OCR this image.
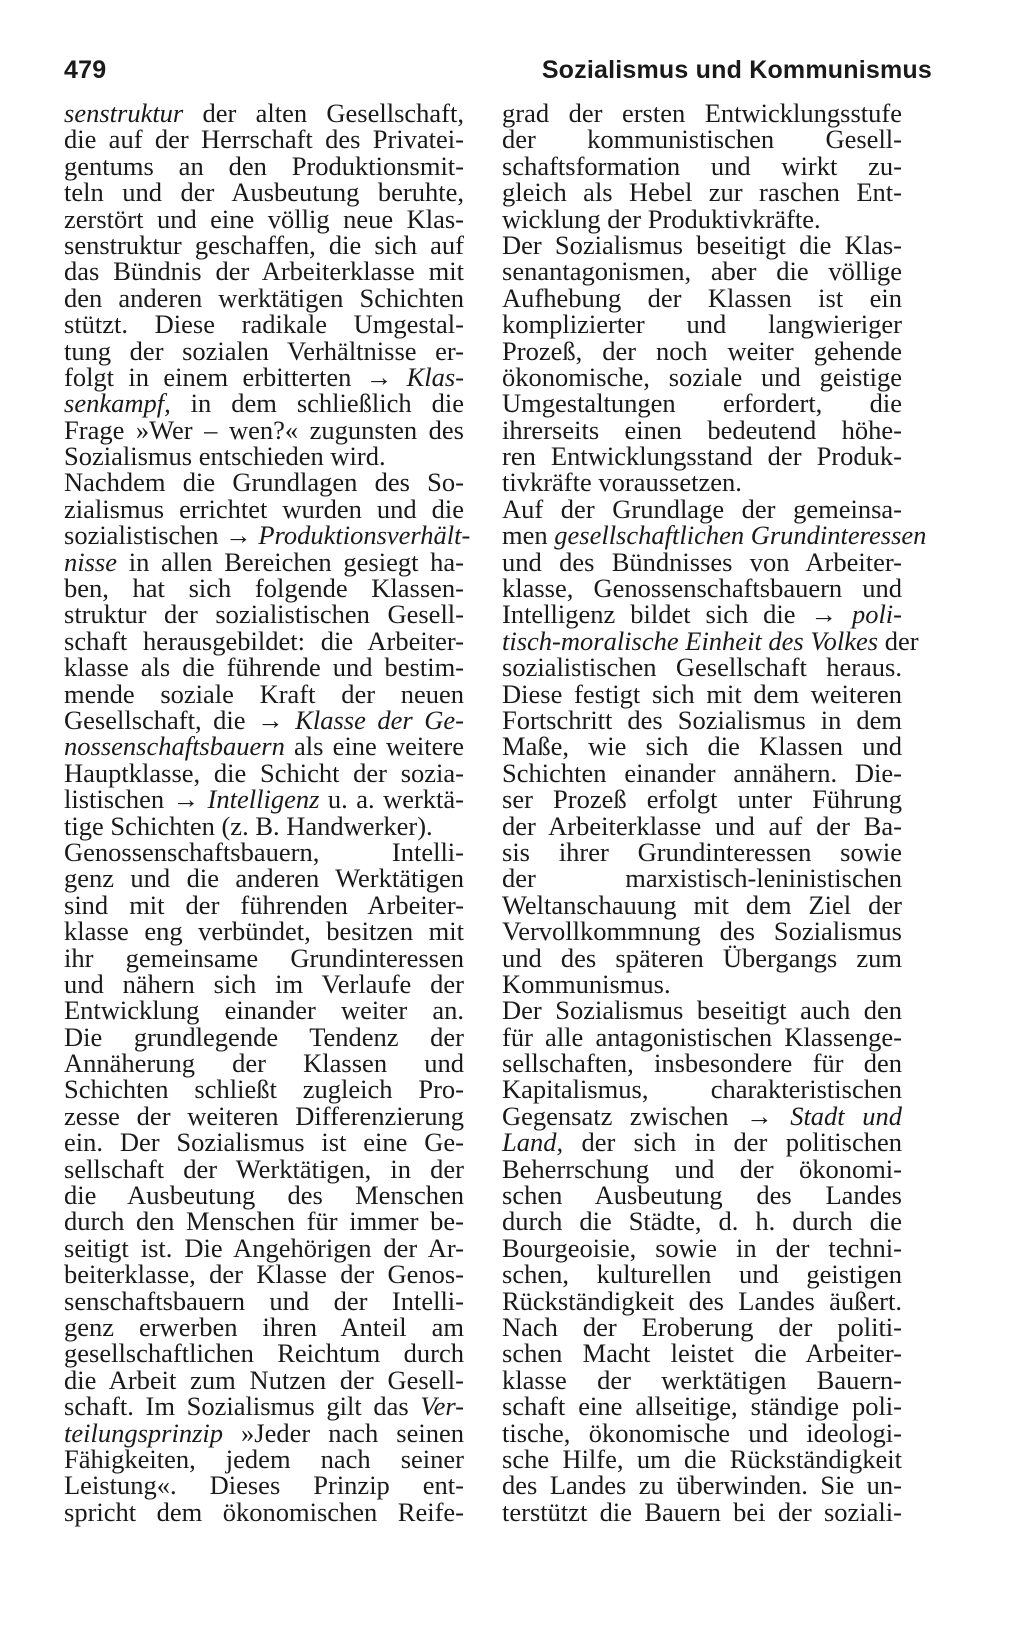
479	Sozialismus und Kommunismus
senstruktur der alten Gesellschaft,
die auf der Herrschaft des Privatei-
gentums an den Produktionsmit-
teln und der Ausbeutung beruhte,
zerstört und eine völlig neue Klas-
senstruktur geschaffen, die sich auf
das Bündnis der Arbeiterklasse mit
den anderen werktätigen Schichten
stützt. Diese radikale Umgestal-
tung der sozialen Verhältnisse er-
folgt in einem erbitterten → Klas-
senkampf, in dem schließlich die
Frage »Wer – wen?« zugunsten des
Sozialismus entschieden wird.
Nachdem die Grundlagen des So-
zialismus errichtet wurden und die
sozialistischen → Produktionsverhält-
nisse in allen Bereichen gesiegt ha-
ben, hat sich folgende Klassen-
struktur der sozialistischen Gesell-
schaft herausgebildet: die Arbeiter-
klasse als die führende und bestim-
mende soziale Kraft der neuen
Gesellschaft, die → Klasse der Ge-
nossenschaftsbauern als eine weitere
Hauptklasse, die Schicht der sozia-
listischen → Intelligenz u. a. werktä-
tige Schichten (z. B. Handwerker).
Genossenschaftsbauern, Intelli-
genz und die anderen Werktätigen
sind mit der führenden Arbeiter-
klasse eng verbündet, besitzen mit
ihr gemeinsame Grundinteressen
und nähern sich im Verlaufe der
Entwicklung einander weiter an.
Die grundlegende Tendenz der
Annäherung der Klassen und
Schichten schließt zugleich Pro-
zesse der weiteren Differenzierung
ein. Der Sozialismus ist eine Ge-
sellschaft der Werktätigen, in der
die Ausbeutung des Menschen
durch den Menschen für immer be-
seitigt ist. Die Angehörigen der Ar-
beiterklasse, der Klasse der Genos-
senschaftsbauern und der Intelli-
genz erwerben ihren Anteil am
gesellschaftlichen Reichtum durch
die Arbeit zum Nutzen der Gesell-
schaft. Im Sozialismus gilt das Ver-
teilungsprinzip »Jeder nach seinen
Fähigkeiten, jedem nach seiner
Leistung«. Dieses Prinzip ent-
spricht dem ökonomischen Reife-
grad der ersten Entwicklungsstufe
der kommunistischen Gesell-
schaftsformation und wirkt zu-
gleich als Hebel zur raschen Ent-
wicklung der Produktivkräfte.
Der Sozialismus beseitigt die Klas-
senantagonismen, aber die völlige
Aufhebung der Klassen ist ein
komplizierter und langwieriger
Prozeß, der noch weiter gehende
ökonomische, soziale und geistige
Umgestaltungen erfordert, die
ihrerseits einen bedeutend höhe-
ren Entwicklungsstand der Produk-
tivkräfte voraussetzen.
Auf der Grundlage der gemeinsa-
men gesellschaftlichen Grundinteressen
und des Bündnisses von Arbeiter-
klasse, Genossenschaftsbauern und
Intelligenz bildet sich die → poli-
tisch-moralische Einheit des Volkes der
sozialistischen Gesellschaft heraus.
Diese festigt sich mit dem weiteren
Fortschritt des Sozialismus in dem
Maße, wie sich die Klassen und
Schichten einander annähern. Die-
ser Prozeß erfolgt unter Führung
der Arbeiterklasse und auf der Ba-
sis ihrer Grundinteressen sowie
der marxistisch-leninistischen
Weltanschauung mit dem Ziel der
Vervollkommnung des Sozialismus
und des späteren Übergangs zum
Kommunismus.
Der Sozialismus beseitigt auch den
für alle antagonistischen Klassenge-
sellschaften, insbesondere für den
Kapitalismus, charakteristischen
Gegensatz zwischen → Stadt und
Land, der sich in der politischen
Beherrschung und der ökonomi-
schen Ausbeutung des Landes
durch die Städte, d. h. durch die
Bourgeoisie, sowie in der techni-
schen, kulturellen und geistigen
Rückständigkeit des Landes äußert.
Nach der Eroberung der politi-
schen Macht leistet die Arbeiter-
klasse der werktätigen Bauern-
schaft eine allseitige, ständige poli-
tische, ökonomische und ideologi-
sche Hilfe, um die Rückständigkeit
des Landes zu überwinden. Sie un-
terstützt die Bauern bei der soziali-
